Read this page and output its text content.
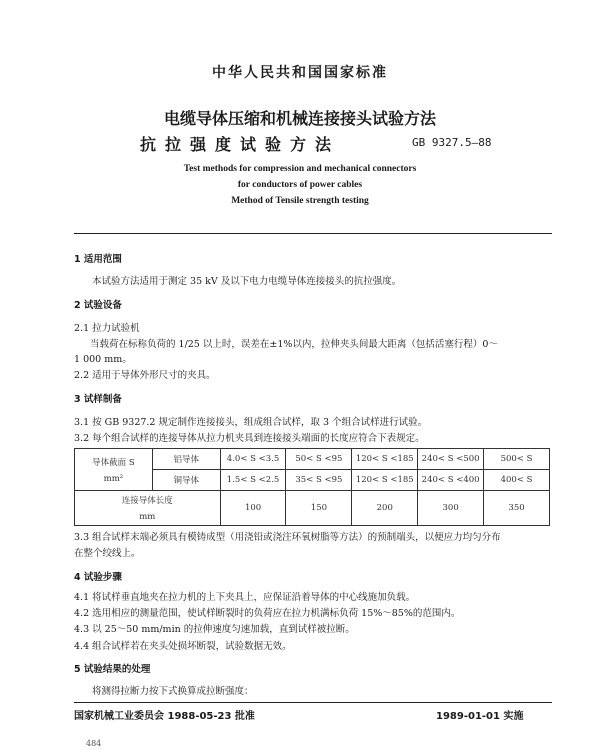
中华人民共和国国家标准
电缆导体压缩和机械连接接头试验方法
抗拉强度试验方法	GB 9327.5—88
Test methods for compression and mechanical connectors
for conductors of power cables
Method of Tensile strength testing
1 适用范围
本试验方法适用于测定 35 kV 及以下电力电缆导体连接接头的抗拉强度。
2 试验设备
2.1 拉力试验机
当载荷在标称负荷的 1/25 以上时，误差在±1%以内，拉伸夹头间最大距离（包括活塞行程）0～
1 000 mm。
2.2 适用于导体外形尺寸的夹具。
3 试样制备
3.1 按 GB 9327.2 规定制作连接接头，组成组合试样，取 3 个组合试样进行试验。
3.2 每个组合试样的连接导体从拉力机夹具到连接接头端面的长度应符合下表规定。
导体截面 S
mm²	铝导体	4.0< S <3.5	50< S <95	120< S <185	240< S <500	500< S
	铜导体	1.5< S <2.5	35< S <95	120< S <185	240< S <400	400< S

连接导体长度
mm		100	150	200	300	350
3.3 组合试样末端必须具有模铸成型（用浇铅或浇注环氧树脂等方法）的预制端头，以便应力均匀分布
在整个绞线上。
4 试验步骤
4.1 将试样垂直地夹在拉力机的上下夹具上，应保证沿着导体的中心线施加负载。
4.2 选用相应的测量范围，使试样断裂时的负荷应在拉力机满标负荷 15%～85%的范围内。
4.3 以 25～50 mm/min 的拉伸速度匀速加载，直到试样被拉断。
4.4 组合试样若在夹头处损坏断裂，试验数据无效。
5 试验结果的处理
将测得拉断力按下式换算成拉断强度：
国家机械工业委员会 1988-05-23 批准	1989-01-01 实施
484
